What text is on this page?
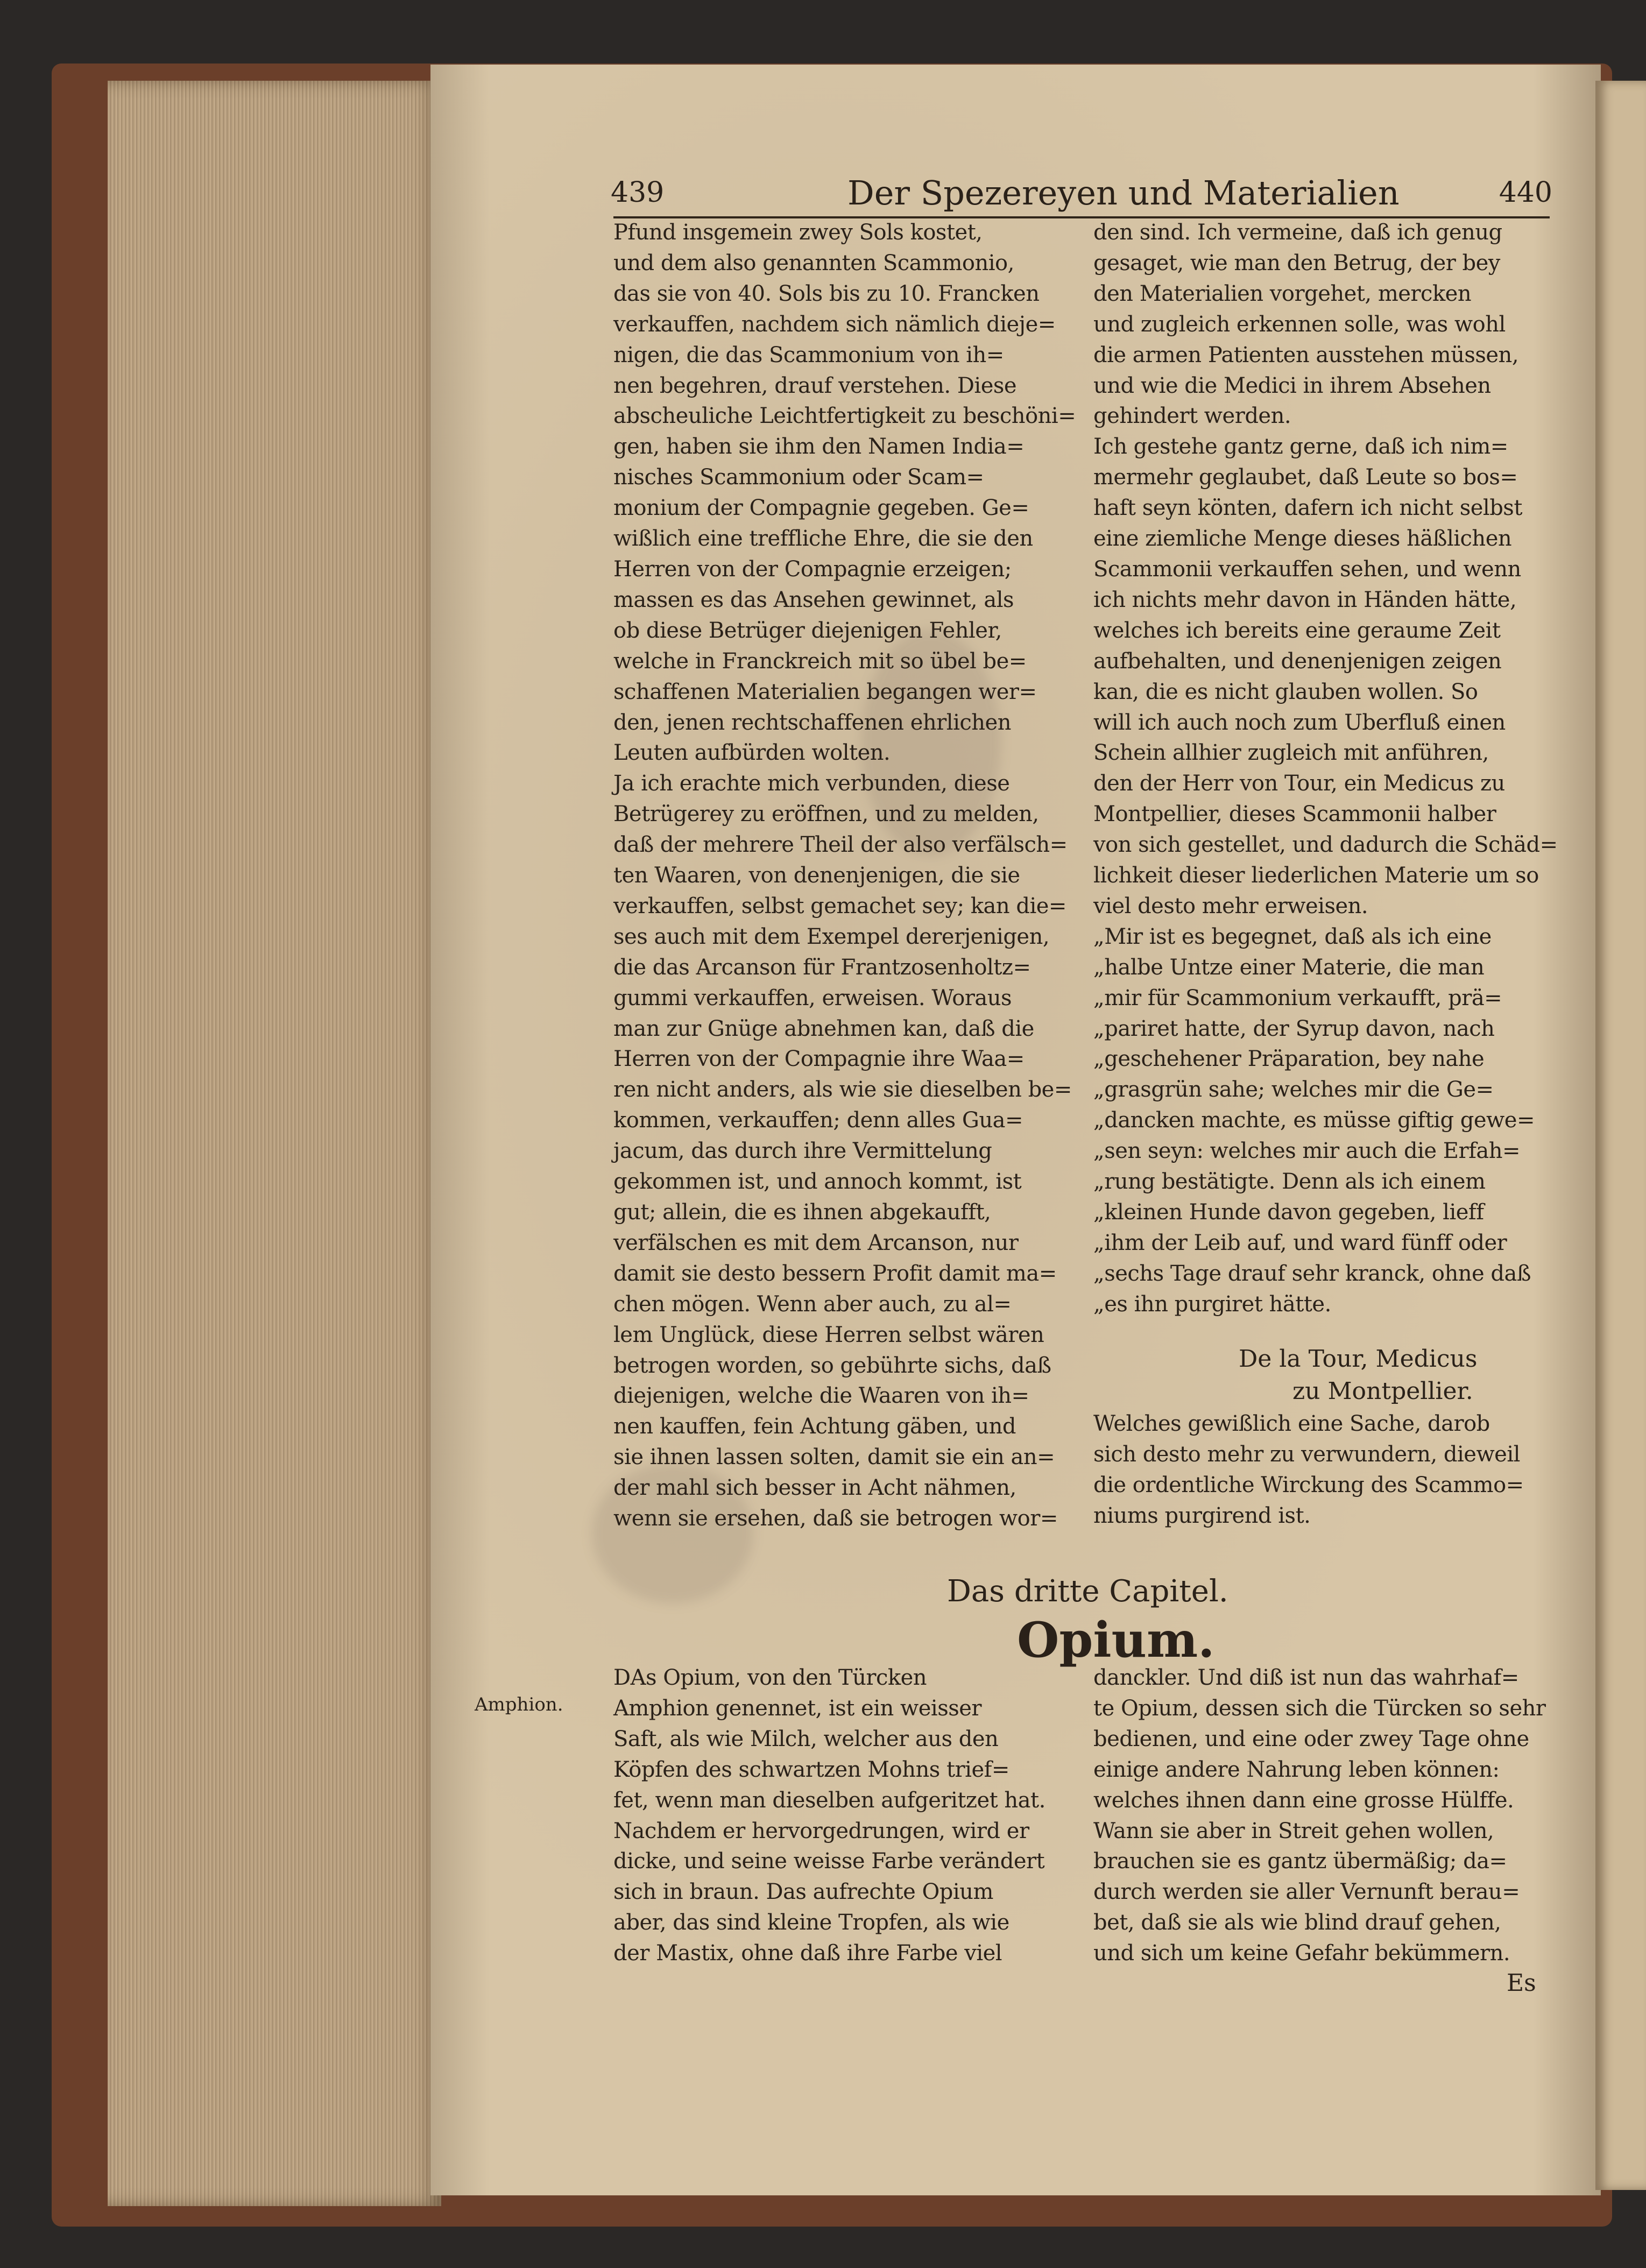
439	Der Spezereyen und Materialien	440
Pfund insgemein zwey Sols kostet,
und dem also genannten Scammonio,
das sie von 40. Sols bis zu 10. Francken
verkauffen, nachdem sich nämlich dieje=
nigen, die das Scammonium von ih=
nen begehren, drauf verstehen. Diese
abscheuliche Leichtfertigkeit zu beschöni=
gen, haben sie ihm den Namen India=
nisches Scammonium oder Scam=
monium der Compagnie gegeben. Ge=
wißlich eine treffliche Ehre, die sie den
Herren von der Compagnie erzeigen;
massen es das Ansehen gewinnet, als
ob diese Betrüger diejenigen Fehler,
welche in Franckreich mit so übel be=
schaffenen Materialien begangen wer=
den, jenen rechtschaffenen ehrlichen
Leuten aufbürden wolten.
Ja ich erachte mich verbunden, diese
Betrügerey zu eröffnen, und zu melden,
daß der mehrere Theil der also verfälsch=
ten Waaren, von denenjenigen, die sie
verkauffen, selbst gemachet sey; kan die=
ses auch mit dem Exempel dererjenigen,
die das Arcanson für Frantzosenholtz=
gummi verkauffen, erweisen. Woraus
man zur Gnüge abnehmen kan, daß die
Herren von der Compagnie ihre Waa=
ren nicht anders, als wie sie dieselben be=
kommen, verkauffen; denn alles Gua=
jacum, das durch ihre Vermittelung
gekommen ist, und annoch kommt, ist
gut; allein, die es ihnen abgekaufft,
verfälschen es mit dem Arcanson, nur
damit sie desto bessern Profit damit ma=
chen mögen. Wenn aber auch, zu al=
lem Unglück, diese Herren selbst wären
betrogen worden, so gebührte sichs, daß
diejenigen, welche die Waaren von ih=
nen kauffen, fein Achtung gäben, und
sie ihnen lassen solten, damit sie ein an=
der mahl sich besser in Acht nähmen,
wenn sie ersehen, daß sie betrogen wor=
den sind. Ich vermeine, daß ich genug
gesaget, wie man den Betrug, der bey
den Materialien vorgehet, mercken
und zugleich erkennen solle, was wohl
die armen Patienten ausstehen müssen,
und wie die Medici in ihrem Absehen
gehindert werden.
Ich gestehe gantz gerne, daß ich nim=
mermehr geglaubet, daß Leute so bos=
haft seyn könten, dafern ich nicht selbst
eine ziemliche Menge dieses häßlichen
Scammonii verkauffen sehen, und wenn
ich nichts mehr davon in Händen hätte,
welches ich bereits eine geraume Zeit
aufbehalten, und denenjenigen zeigen
kan, die es nicht glauben wollen. So
will ich auch noch zum Uberfluß einen
Schein allhier zugleich mit anführen,
den der Herr von Tour, ein Medicus zu
Montpellier, dieses Scammonii halber
von sich gestellet, und dadurch die Schäd=
lichkeit dieser liederlichen Materie um so
viel desto mehr erweisen.
„Mir ist es begegnet, daß als ich eine
„halbe Untze einer Materie, die man
„mir für Scammonium verkaufft, prä=
„pariret hatte, der Syrup davon, nach
„geschehener Präparation, bey nahe
„grasgrün sahe; welches mir die Ge=
„dancken machte, es müsse giftig gewe=
„sen seyn: welches mir auch die Erfah=
„rung bestätigte. Denn als ich einem
„kleinen Hunde davon gegeben, lieff
„ihm der Leib auf, und ward fünff oder
„sechs Tage drauf sehr kranck, ohne daß
„es ihn purgiret hätte.
De la Tour, Medicus
zu Montpellier.
Welches gewißlich eine Sache, darob
sich desto mehr zu verwundern, dieweil
die ordentliche Wirckung des Scammo=
niums purgirend ist.
Das dritte Capitel.
Opium.
Amphion.
DAs Opium, von den Türcken
Amphion genennet, ist ein weisser
Saft, als wie Milch, welcher aus den
Köpfen des schwartzen Mohns trief=
fet, wenn man dieselben aufgeritzet hat.
Nachdem er hervorgedrungen, wird er
dicke, und seine weisse Farbe verändert
sich in braun. Das aufrechte Opium
aber, das sind kleine Tropfen, als wie
der Mastix, ohne daß ihre Farbe viel
danckler. Und diß ist nun das wahrhaf=
te Opium, dessen sich die Türcken so sehr
bedienen, und eine oder zwey Tage ohne
einige andere Nahrung leben können:
welches ihnen dann eine grosse Hülffe.
Wann sie aber in Streit gehen wollen,
brauchen sie es gantz übermäßig; da=
durch werden sie aller Vernunft berau=
bet, daß sie als wie blind drauf gehen,
und sich um keine Gefahr bekümmern.
Es
